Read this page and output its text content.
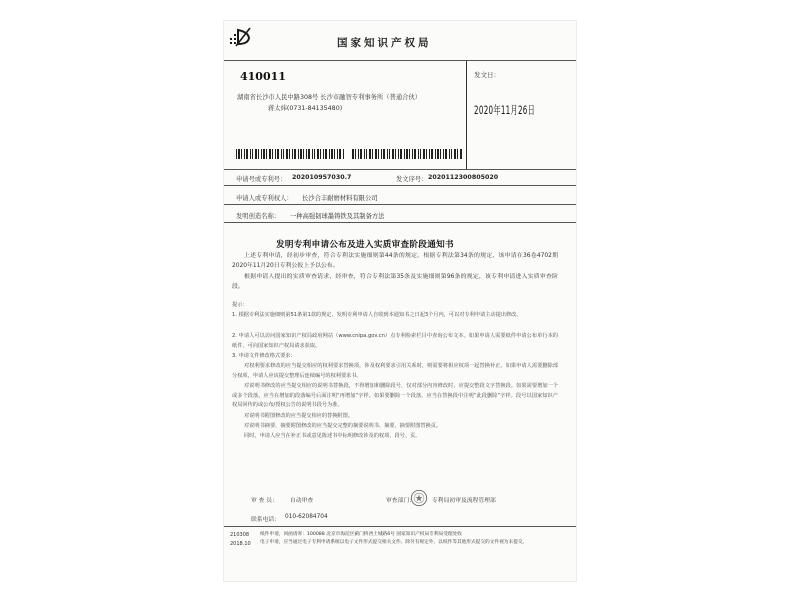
国家知识产权局
410011
湖南省长沙市人民中路308号 长沙市融智专利事务所（普通合伙）
蒋太炜(0731-84135480)
发文日：
2020年11月26日
申请号或专利号： 202010957030.7	发文序号： 2020112300805020
申请人或专利权人： 长沙合丰耐磨材料有限公司
发明创造名称： 一种高强韧球墨铸铁及其制备方法
发明专利申请公布及进入实质审查阶段通知书
上述专利申请，经初步审查，符合专利法实施细则第44条的规定。根据专利法第34条的规定，该申请在36卷4702期2020年11月20日专利公报上予以公布。
根据申请人提出的实质审查请求，经审查，符合专利法第35条及实施细则第96条的规定，该专利申请进入实质审查阶段。
提示：
1. 根据专利法实施细则第51条第1款的规定，发明专利申请人自收到本通知书之日起3个月内，可以对专利申请主动提出修改。
2. 申请人可以访问国家知识产权局政府网站（www.cnipa.gov.cn）点专利检索栏目中查询公布文本。如果申请人需要纸件申请公布单行本的纸件，可向国家知识产权局请求获取。
3. 申请文件修改格式要求：
对权利要求修改的应当提交相应的权利要求替换项，涉及权利要求引用关系时，则需要将相应权项一起替换补正。如果申请人需要删除部分权项，申请人应该提交整理后连续编号的权利要求书。
对说明书修改的应当提交相应的说明书替换段，不得增加和删除段号，仅对部分内容修改时，应提交整段文字替换段。如果需要增加一个或多个段落，应当在增加的段落编号后面注明“再增加”字样。如果要删除一个段落，应当在替换段中注明“此段删除”字样。段号以国家知识产权局回传的或公布/授权公告的说明书段号为准。
对说明书附图修改的应当提交相应的替换附图。
对说明书摘要、摘要附图修改的应当提交完整的摘要说明书、摘要、摘要附图替换页。
同时，申请人应当在补正书或意见陈述书中标明修改涉及的权项、段号、页。
审 查 员： 自动审查	审查部门：	专利局初审及流程管理部
联系电话： 010-62084704
210308
2018.10
纸件申请，回函请寄：100088 北京市海淀区蓟门桥西土城路6号 国家知识产权局专利局受理处收
电子申请，应当通过电子专利申请系统以电子文件形式提交相关文件。除另有规定外，以纸件等其他形式提交的文件视为未提交。
